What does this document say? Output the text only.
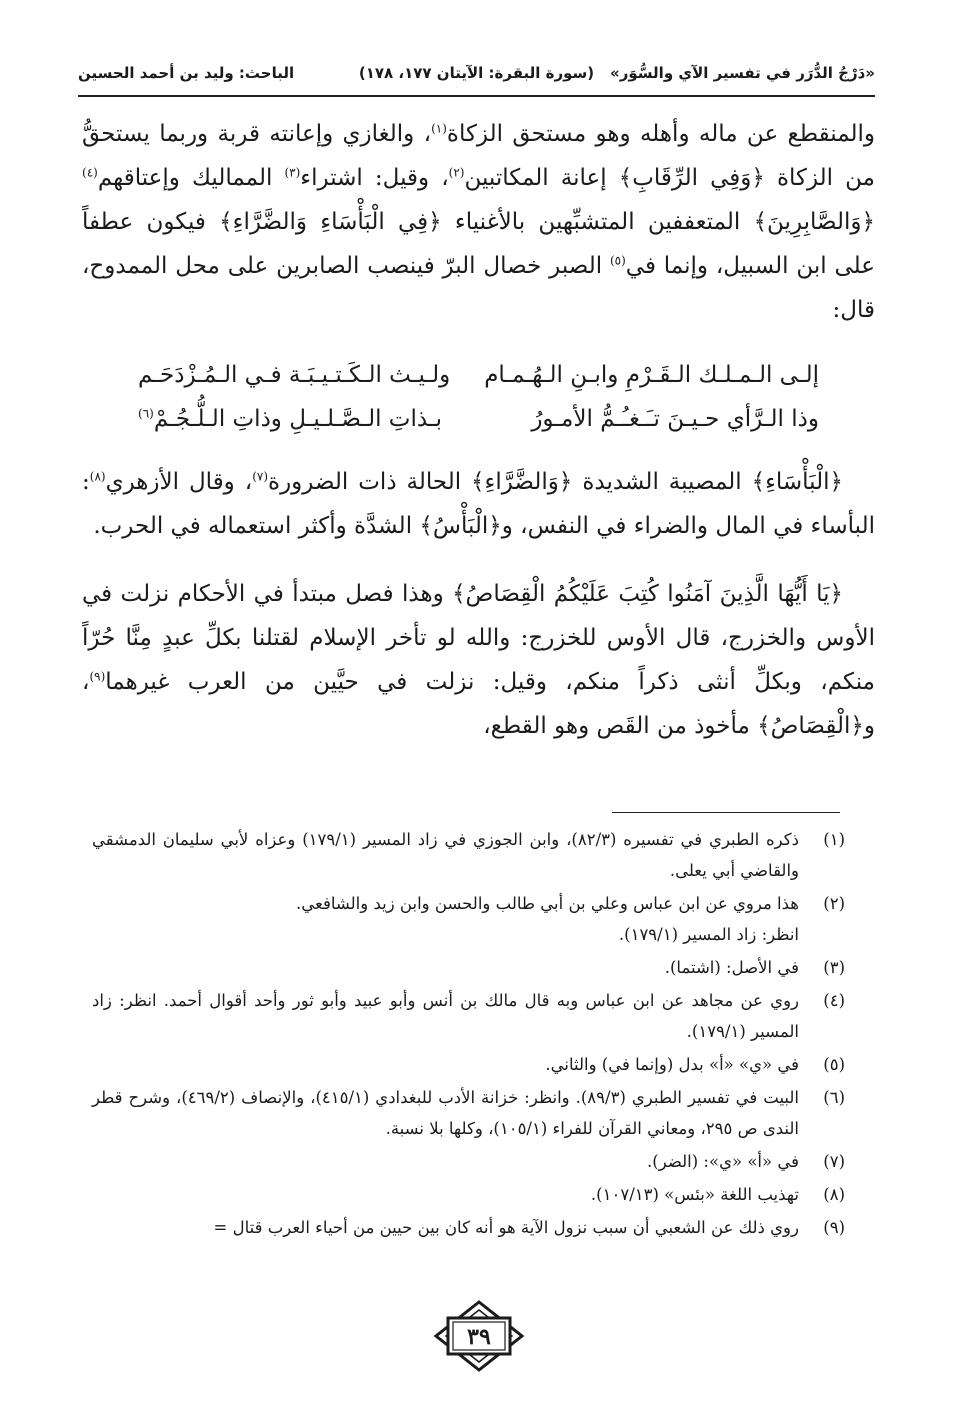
«دَرْجُ الدُّرَر في تفسير الآي والسُّوَر»
(سورة البقرة: الآيتان ١٧٧، ١٧٨)
الباحث: وليد بن أحمد الحسين

والمنقطع عن ماله وأهله وهو مستحق الزكاة$^{(١)}$، والغازي وإعانته قربة وربما يستحقُّ من الزكاة ﴿وَفِي الرِّقَابِ﴾ إعانة المكاتبين$^{(٢)}$، وقيل: اشتراء$^{(٣)}$ المماليك وإعتاقهم$^{(٤)}$ ﴿وَالصَّابِرِينَ﴾ المتعففين المتشبِّهين بالأغنياء ﴿فِي الْبَأْسَاءِ وَالضَّرَّاءِ﴾ فيكون عطفاً على ابن السبيل، وإنما في$^{(٥)}$ الصبر خصال البرّ فينصب الصابرين على محل الممدوح، قال:

إلـى الـمـلـك الـقَـرْمِ وابـنِ الـهُـمـام
ولـيـث الـكَـتـيـبَـة فـي الـمُـزْدَحَـم
وذا الـرَّأي حـيـنَ تـَـغـُـمُّ الأمـورُ
بـذاتِ الـصَّـلـيـلِ وذاتِ الـلُّـجُـمْ$^{(٦)}$

﴿الْبَأْسَاءِ﴾ المصيبة الشديدة ﴿وَالضَّرَّاءِ﴾ الحالة ذات الضرورة$^{(٧)}$، وقال الأزهري$^{(٨)}$: البأساء في المال والضراء في النفس، و﴿الْبَأْسُ﴾ الشدَّة وأكثر استعماله في الحرب.

﴿يَا أَيُّهَا الَّذِينَ آمَنُوا كُتِبَ عَلَيْكُمُ الْقِصَاصُ﴾ وهذا فصل مبتدأ في الأحكام نزلت في الأوس والخزرج، قال الأوس للخزرج: والله لو تأخر الإسلام لقتلنا بكلِّ عبدٍ مِنَّا حُرّاً منكم، وبكلِّ أنثى ذكراً منكم، وقيل: نزلت في حيَّين من العرب غيرهما$^{(٩)}$، و﴿الْقِصَاصُ﴾ مأخوذ من القَص وهو القطع،

(١)
ذكره الطبري في تفسيره (٨٢/٣)، وابن الجوزي في زاد المسير (١٧٩/١) وعزاه لأبي سليمان الدمشقي والقاضي أبي يعلى.

(٢)
هذا مروي عن ابن عباس وعلي بن أبي طالب والحسن وابن زيد والشافعي.
انظر: زاد المسير (١٧٩/١).

(٣)
في الأصل: (اشتما).

(٤)
روي عن مجاهد عن ابن عباس وبه قال مالك بن أنس وأبو عبيد وأبو ثور وأحد أقوال أحمد. انظر: زاد المسير (١٧٩/١).

(٥)
في «ي» «أ» بدل (وإنما في) والثاني.

(٦)
البيت في تفسير الطبري (٨٩/٣). وانظر: خزانة الأدب للبغدادي (٤١٥/١)، والإنصاف (٤٦٩/٢)، وشرح قطر الندى ص ٢٩٥، ومعاني القرآن للفراء (١٠٥/١)، وكلها بلا نسبة.

(٧)
في «أ» «ي»: (الضر).

(٨)
تهذيب اللغة «بئس» (١٠٧/١٣).

(٩)
روي ذلك عن الشعبي أن سبب نزول الآية هو أنه كان بين حيين من أحياء العرب قتال =

٣٩
